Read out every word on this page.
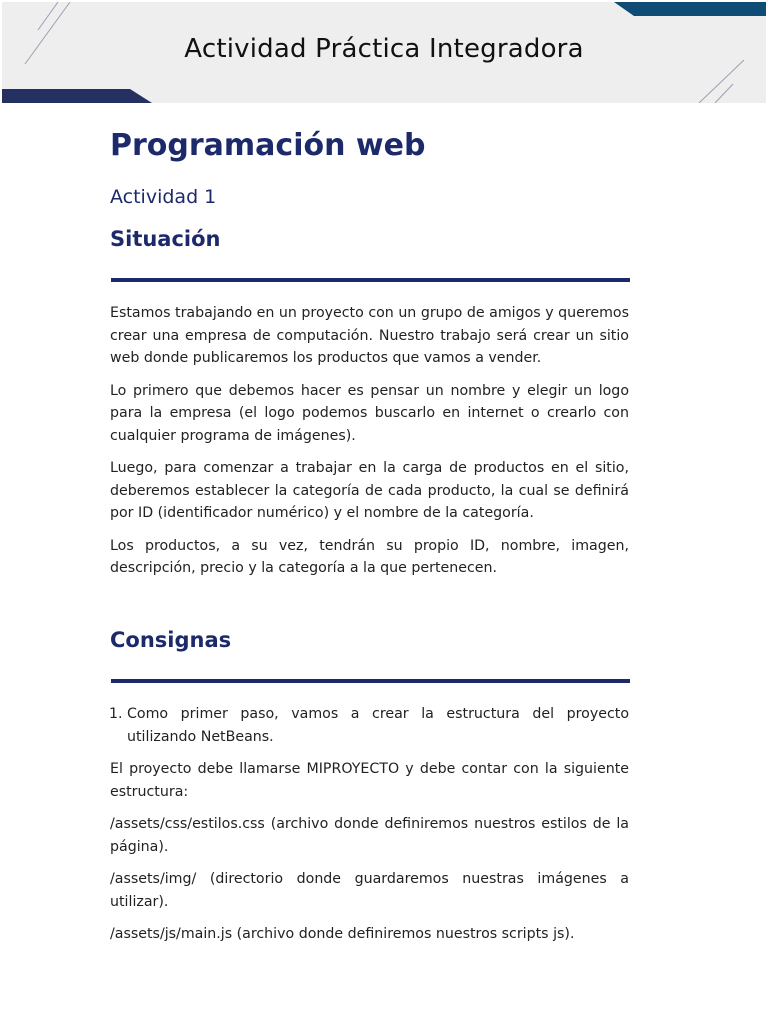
Actividad Práctica Integradora
Programación web
Actividad 1
Situación

Estamos trabajando en un proyecto con un grupo de amigos y queremos crear una empresa de computación. Nuestro trabajo será crear un sitio web donde publicaremos los productos que vamos a vender.

Lo primero que debemos hacer es pensar un nombre y elegir un logo para la empresa (el logo podemos buscarlo en internet o crearlo con cualquier programa de imágenes).

Luego, para comenzar a trabajar en la carga de productos en el sitio, deberemos establecer la categoría de cada producto, la cual se definirá por ID (identificador numérico) y el nombre de la categoría.

Los productos, a su vez, tendrán su propio ID, nombre, imagen, descripción, precio y la categoría a la que pertenecen.

Consignas
1. Como primer paso, vamos a crear la estructura del proyecto utilizando NetBeans.

El proyecto debe llamarse MIPROYECTO y debe contar con la siguiente estructura:

/assets/css/estilos.css (archivo donde definiremos nuestros estilos de la página).

/assets/img/ (directorio donde guardaremos nuestras imágenes a utilizar).

/assets/js/main.js (archivo donde definiremos nuestros scripts js).
